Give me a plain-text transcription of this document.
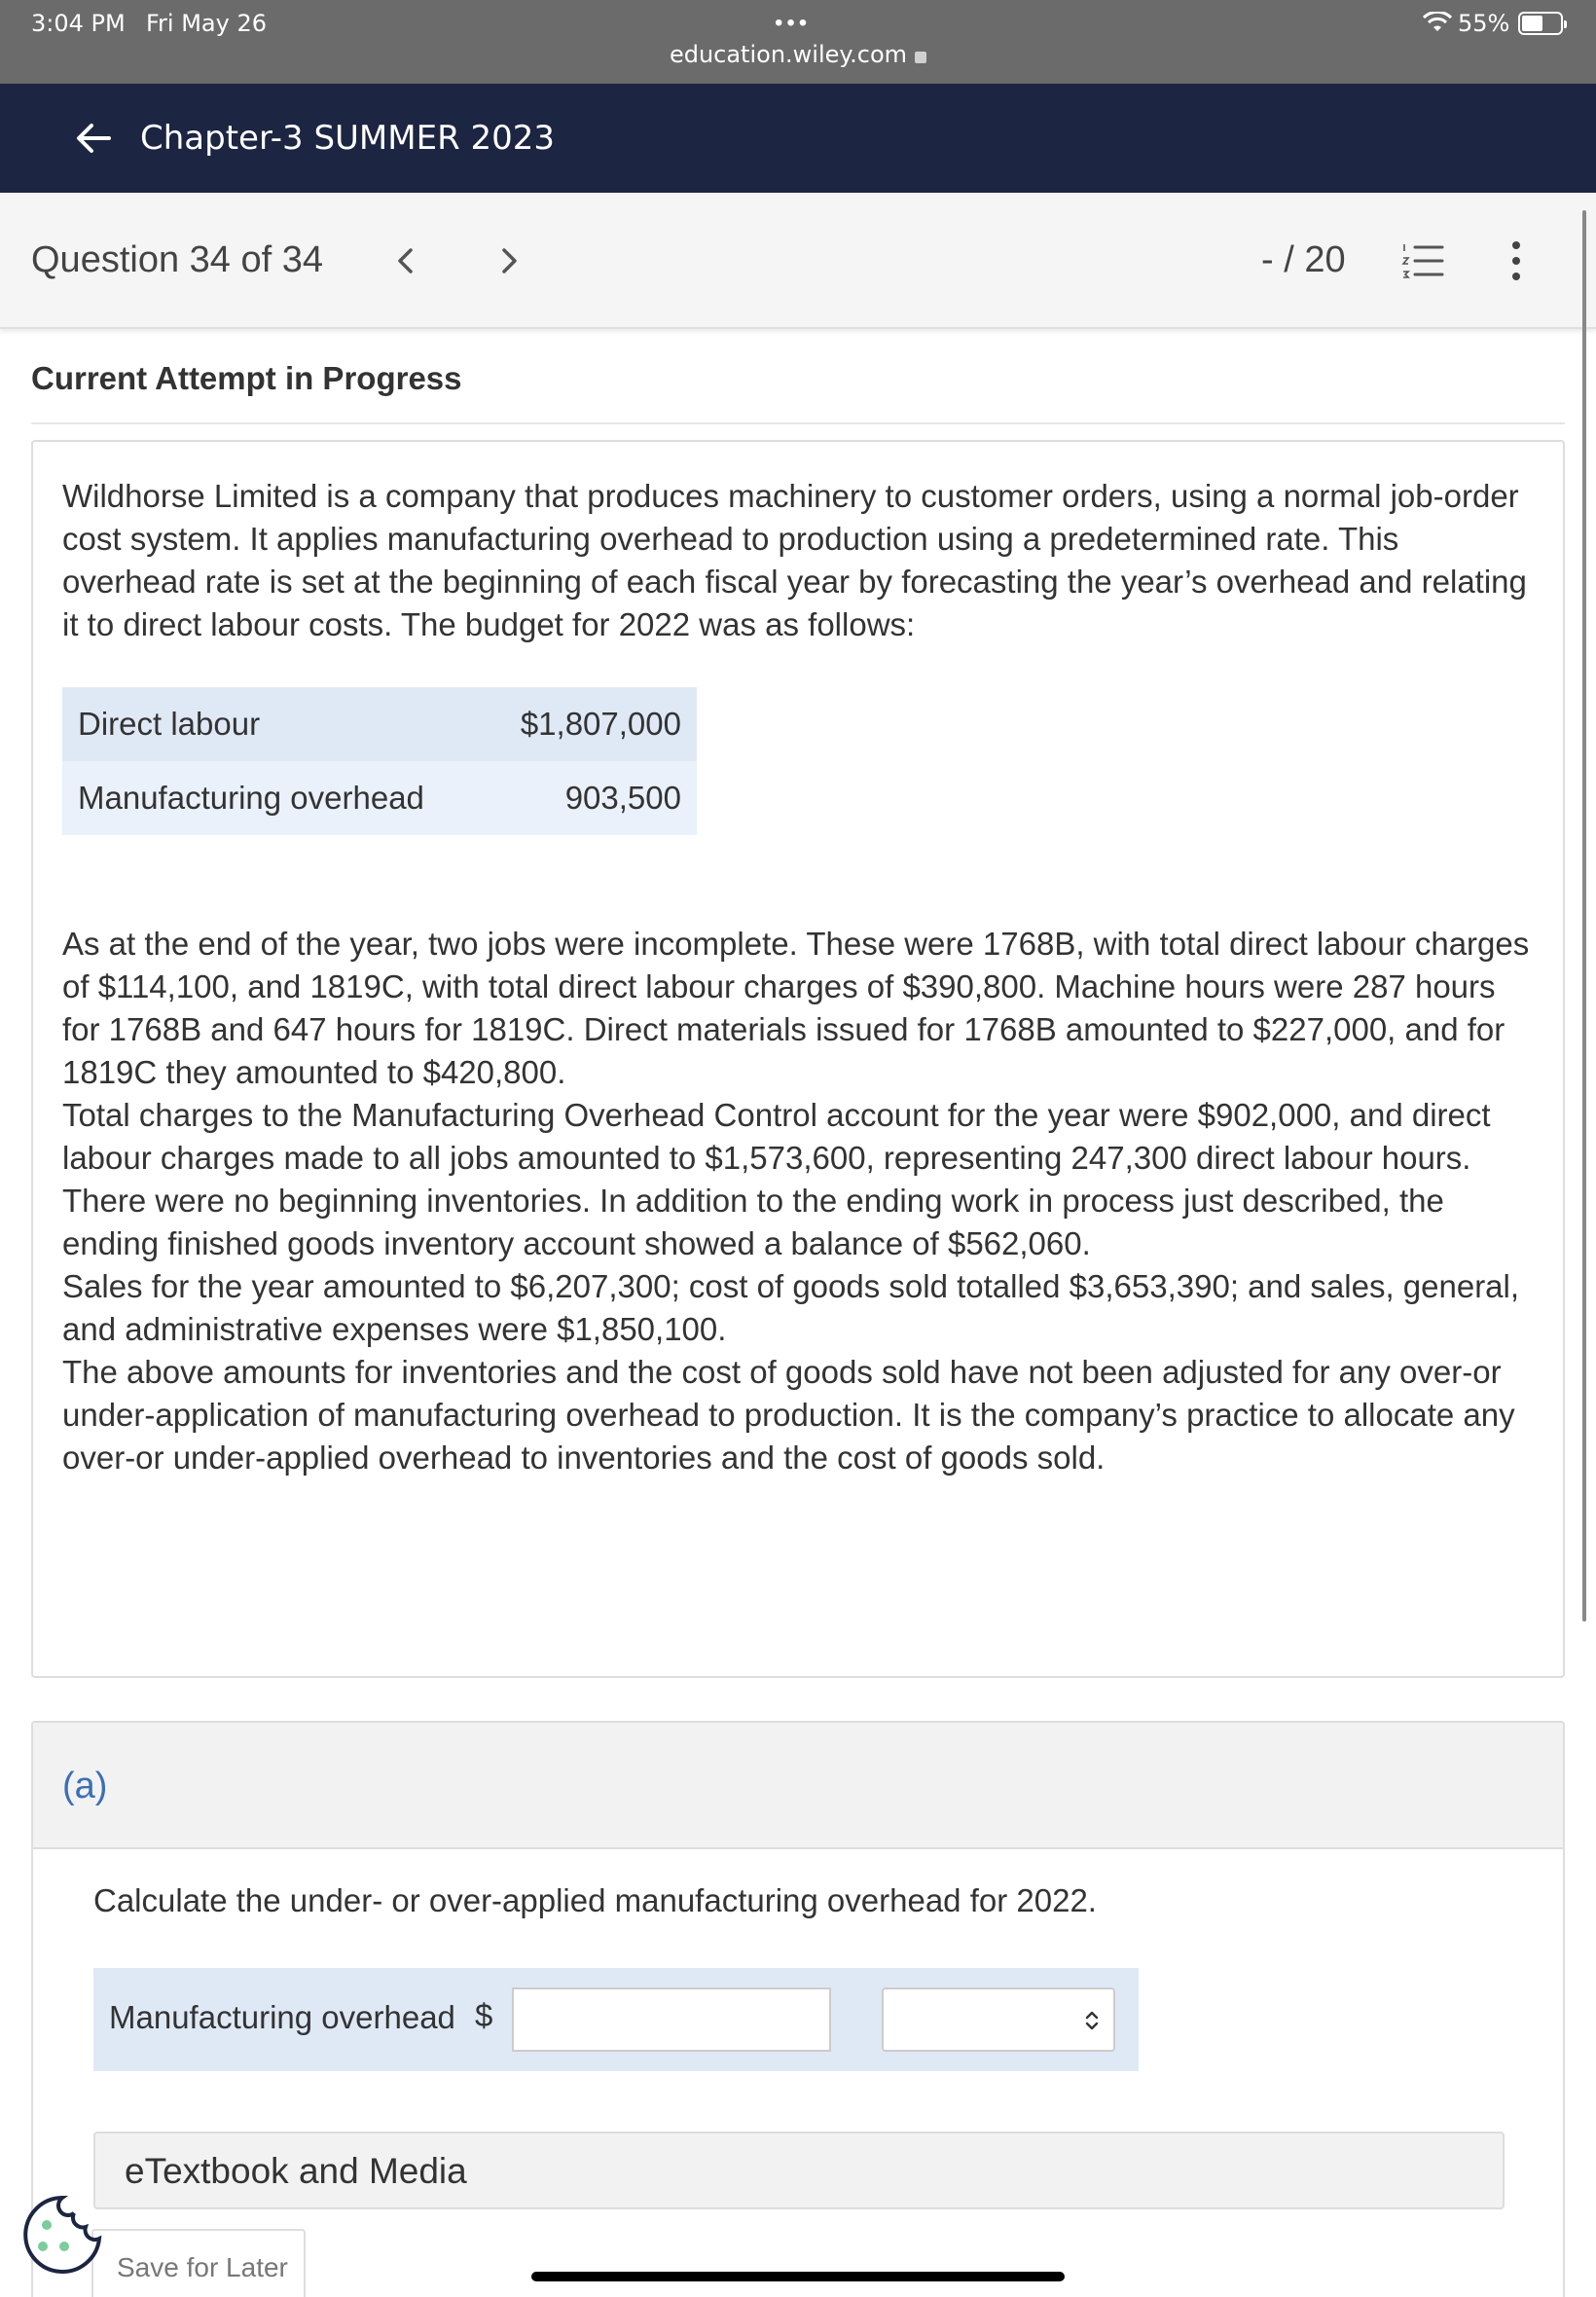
3:04 PM Fri May 26	•••
education.wiley.com
55%
Chapter-3 SUMMER 2023
Question 34 of 34	- / 20
Current Attempt in Progress

Wildhorse Limited is a company that produces machinery to customer orders, using a normal job-order cost system. It applies manufacturing overhead to production using a predetermined rate. This overhead rate is set at the beginning of each fiscal year by forecasting the year’s overhead and relating it to direct labour costs. The budget for 2022 was as follows:

Direct labour	$1,807,000
Manufacturing overhead	903,500

As at the end of the year, two jobs were incomplete. These were 1768B, with total direct labour charges of $114,100, and 1819C, with total direct labour charges of $390,800. Machine hours were 287 hours for 1768B and 647 hours for 1819C. Direct materials issued for 1768B amounted to $227,000, and for 1819C they amounted to $420,800.

Total charges to the Manufacturing Overhead Control account for the year were $902,000, and direct labour charges made to all jobs amounted to $1,573,600, representing 247,300 direct labour hours.

There were no beginning inventories. In addition to the ending work in process just described, the ending finished goods inventory account showed a balance of $562,060.

Sales for the year amounted to $6,207,300; cost of goods sold totalled $3,653,390; and sales, general, and administrative expenses were $1,850,100.

The above amounts for inventories and the cost of goods sold have not been adjusted for any over-or under-application of manufacturing overhead to production. It is the company’s practice to allocate any over-or under-applied overhead to inventories and the cost of goods sold.

(a)
Calculate the under- or over-applied manufacturing overhead for 2022.
Manufacturing overhead $
eTextbook and Media
Save for Later
